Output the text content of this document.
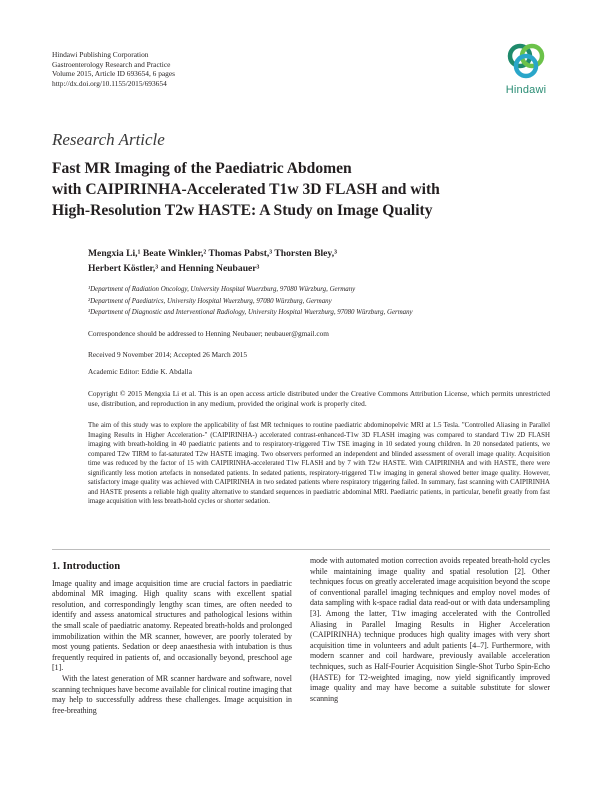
Hindawi Publishing Corporation
Gastroenterology Research and Practice
Volume 2015, Article ID 693654, 6 pages
http://dx.doi.org/10.1155/2015/693654
Hindawi
Research Article
Fast MR Imaging of the Paediatric Abdomen
with CAIPIRINHA-Accelerated T1w 3D FLASH and with
High-Resolution T2w HASTE: A Study on Image Quality
Mengxia Li,¹ Beate Winkler,² Thomas Pabst,³ Thorsten Bley,³
Herbert Köstler,³ and Henning Neubauer³
¹Department of Radiation Oncology, University Hospital Wuerzburg, 97080 Würzburg, Germany
²Department of Paediatrics, University Hospital Wuerzburg, 97080 Würzburg, Germany
³Department of Diagnostic and Interventional Radiology, University Hospital Wuerzburg, 97080 Würzburg, Germany
Correspondence should be addressed to Henning Neubauer; neubauer@gmail.com
Received 9 November 2014; Accepted 26 March 2015
Academic Editor: Eddie K. Abdalla
Copyright © 2015 Mengxia Li et al. This is an open access article distributed under the Creative Commons Attribution License, which permits unrestricted use, distribution, and reproduction in any medium, provided the original work is properly cited.

The aim of this study was to explore the applicability of fast MR techniques to routine paediatric abdominopelvic MRI at 1.5 Tesla. "Controlled Aliasing in Parallel Imaging Results in Higher Acceleration-" (CAIPIRINHA-) accelerated contrast-enhanced-T1w 3D FLASH imaging was compared to standard T1w 2D FLASH imaging with breath-holding in 40 paediatric patients and to respiratory-triggered T1w TSE imaging in 10 sedated young children. In 20 nonsedated patients, we compared T2w TIRM to fat-saturated T2w HASTE imaging. Two observers performed an independent and blinded assessment of overall image quality. Acquisition time was reduced by the factor of 15 with CAIPIRINHA-accelerated T1w FLASH and by 7 with T2w HASTE. With CAIPIRINHA and with HASTE, there were significantly less motion artefacts in nonsedated patients. In sedated patients, respiratory-triggered T1w imaging in general showed better image quality. However, satisfactory image quality was achieved with CAIPIRINHA in two sedated patients where respiratory triggering failed. In summary, fast scanning with CAIPIRINHA and HASTE presents a reliable high quality alternative to standard sequences in paediatric abdominal MRI. Paediatric patients, in particular, benefit greatly from fast image acquisition with less breath-hold cycles or shorter sedation.

1. Introduction

Image quality and image acquisition time are crucial factors in paediatric abdominal MR imaging. High quality scans with excellent spatial resolution, and correspondingly lengthy scan times, are often needed to identify and assess anatomical structures and pathological lesions within the small scale of paediatric anatomy. Repeated breath-holds and prolonged immobilization within the MR scanner, however, are poorly tolerated by most young patients. Sedation or deep anaesthesia with intubation is thus frequently required in patients of, and occasionally beyond, preschool age [1].

With the latest generation of MR scanner hardware and software, novel scanning techniques have become available for clinical routine imaging that may help to successfully address these challenges. Image acquisition in free-breathing

mode with automated motion correction avoids repeated breath-hold cycles while maintaining image quality and spatial resolution [2]. Other techniques focus on greatly accelerated image acquisition beyond the scope of conventional parallel imaging techniques and employ novel modes of data sampling with k-space radial data read-out or with data undersampling [3]. Among the latter, T1w imaging accelerated with the Controlled Aliasing in Parallel Imaging Results in Higher Acceleration (CAIPIRINHA) technique produces high quality images with very short acquisition time in volunteers and adult patients [4–7]. Furthermore, with modern scanner and coil hardware, previously available acceleration techniques, such as Half-Fourier Acquisition Single-Shot Turbo Spin-Echo (HASTE) for T2-weighted imaging, now yield significantly improved image quality and may have become a suitable substitute for slower scanning
